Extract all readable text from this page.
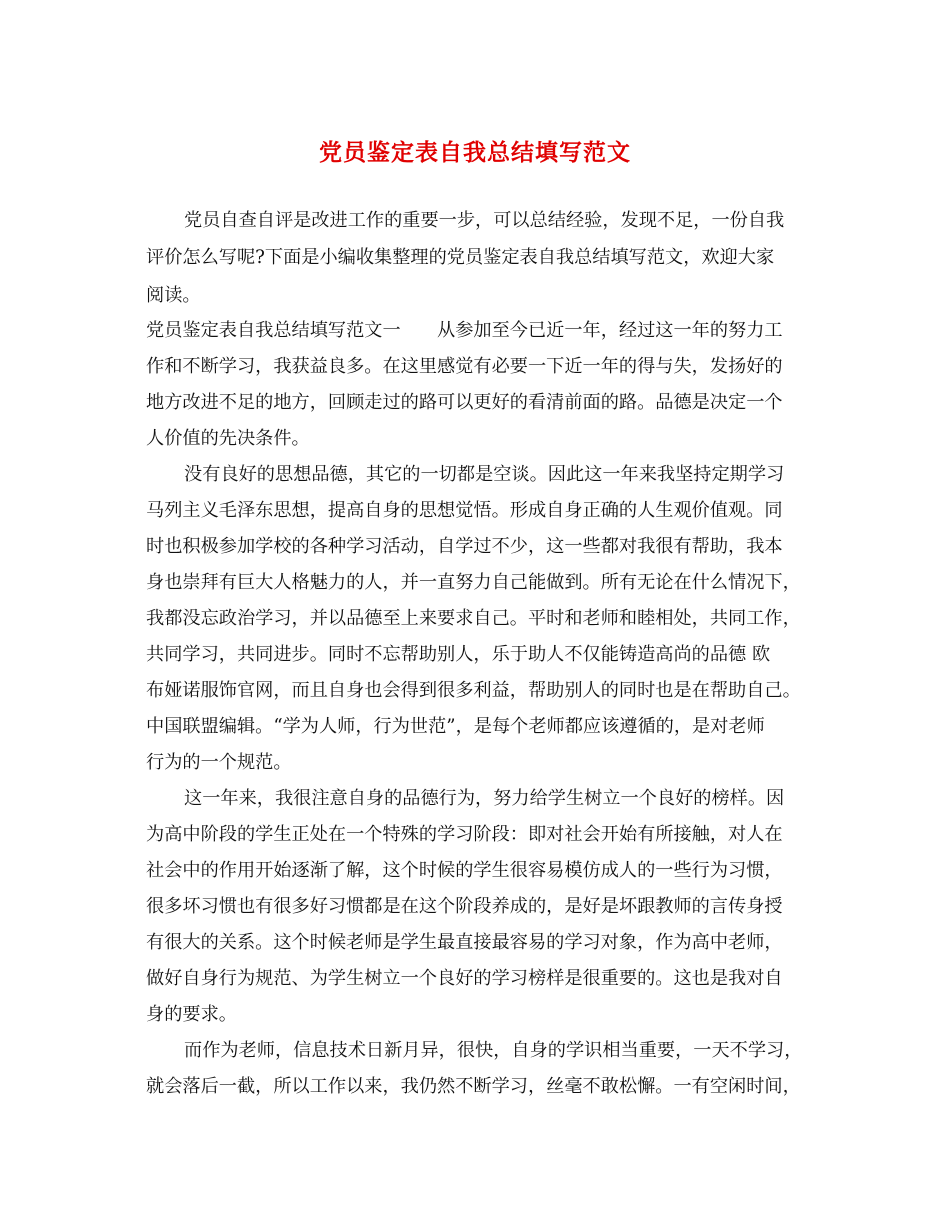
党员鉴定表自我总结填写范文
党员自查自评是改进工作的重要一步，可以总结经验，发现不足，一份自我
评价怎么写呢?下面是小编收集整理的党员鉴定表自我总结填写范文，欢迎大家
阅读。
党员鉴定表自我总结填写范文一　　从参加至今已近一年，经过这一年的努力工
作和不断学习，我获益良多。在这里感觉有必要一下近一年的得与失，发扬好的
地方改进不足的地方，回顾走过的路可以更好的看清前面的路。品德是决定一个
人价值的先决条件。
没有良好的思想品德，其它的一切都是空谈。因此这一年来我坚持定期学习
马列主义毛泽东思想，提高自身的思想觉悟。形成自身正确的人生观价值观。同
时也积极参加学校的各种学习活动，自学过不少，这一些都对我很有帮助，我本
身也崇拜有巨大人格魅力的人，并一直努力自己能做到。所有无论在什么情况下，
我都没忘政治学习，并以品德至上来要求自己。平时和老师和睦相处，共同工作，
共同学习，共同进步。同时不忘帮助别人，乐于助人不仅能铸造高尚的品德 欧
布娅诺服饰官网，而且自身也会得到很多利益，帮助别人的同时也是在帮助自己。
中国联盟编辑。“学为人师，行为世范”，是每个老师都应该遵循的，是对老师
行为的一个规范。
这一年来，我很注意自身的品德行为，努力给学生树立一个良好的榜样。因
为高中阶段的学生正处在一个特殊的学习阶段：即对社会开始有所接触，对人在
社会中的作用开始逐渐了解，这个时候的学生很容易模仿成人的一些行为习惯，
很多坏习惯也有很多好习惯都是在这个阶段养成的，是好是坏跟教师的言传身授
有很大的关系。这个时候老师是学生最直接最容易的学习对象，作为高中老师，
做好自身行为规范、为学生树立一个良好的学习榜样是很重要的。这也是我对自
身的要求。
而作为老师，信息技术日新月异，很快，自身的学识相当重要，一天不学习，
就会落后一截，所以工作以来，我仍然不断学习，丝毫不敢松懈。一有空闲时间，
